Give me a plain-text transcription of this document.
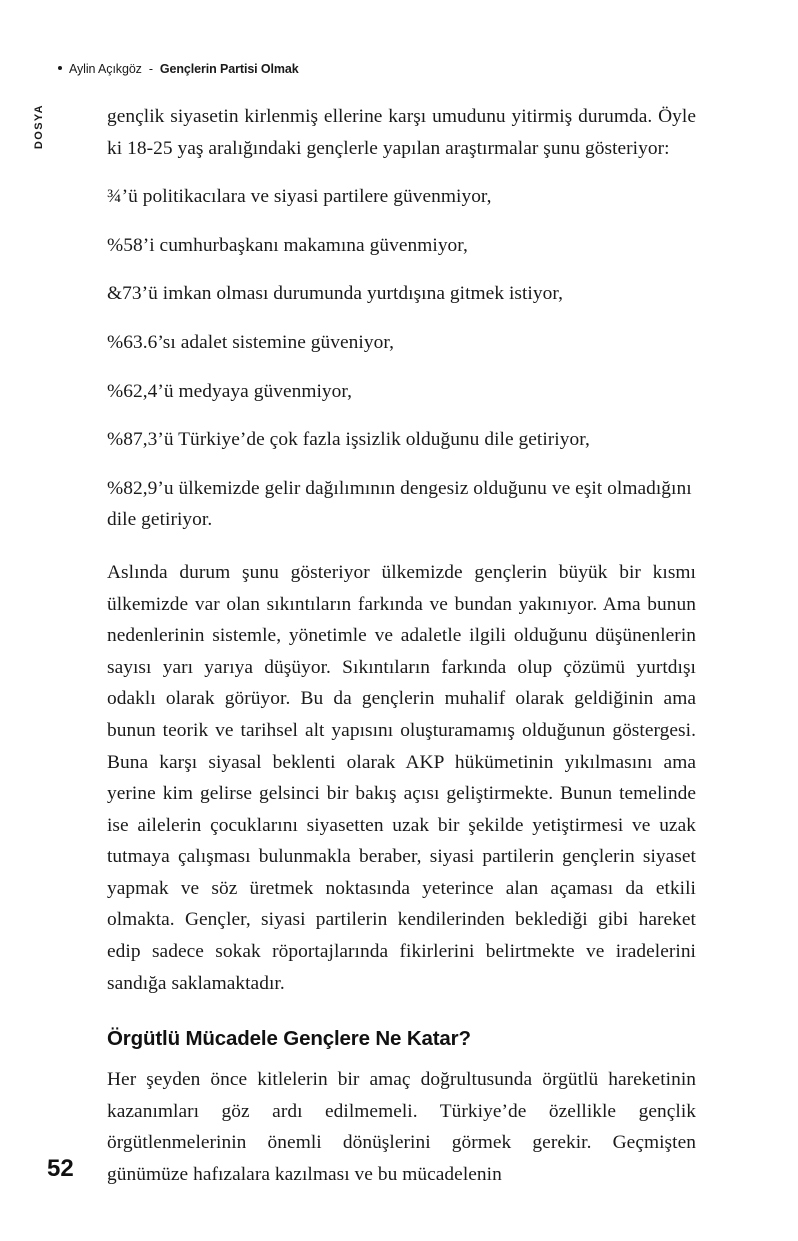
Aylin Açıkgöz - Gençlerin Partisi Olmak
DOSYA	gençlik siyasetin kirlenmiş ellerine karşı umudunu yitirmiş durumda. Öyle ki 18-25 yaş aralığındaki gençlerle yapılan araştırmalar şunu gösteriyor:

¾’ü politikacılara ve siyasi partilere güvenmiyor,

%58’i cumhurbaşkanı makamına güvenmiyor,

&73’ü imkan olması durumunda yurtdışına gitmek istiyor,

%63.6’sı adalet sistemine güveniyor,

%62,4’ü medyaya güvenmiyor,

%87,3’ü Türkiye’de çok fazla işsizlik olduğunu dile getiriyor,

%82,9’u ülkemizde gelir dağılımının dengesiz olduğunu ve eşit olmadığını dile getiriyor.

Aslında durum şunu gösteriyor ülkemizde gençlerin büyük bir kısmı ülkemizde var olan sıkıntıların farkında ve bundan yakınıyor. Ama bunun nedenlerinin sistemle, yönetimle ve adaletle ilgili olduğunu düşünenlerin sayısı yarı yarıya düşüyor. Sıkıntıların farkında olup çözümü yurtdışı odaklı olarak görüyor. Bu da gençlerin muhalif olarak geldiğinin ama bunun teorik ve tarihsel alt yapısını oluşturamamış olduğunun göstergesi. Buna karşı siyasal beklenti olarak AKP hükümetinin yıkılmasını ama yerine kim gelirse gelsinci bir bakış açısı geliştirmekte. Bunun temelinde ise ailelerin çocuklarını siyasetten uzak bir şekilde yetiştirmesi ve uzak tutmaya çalışması bulunmakla beraber, siyasi partilerin gençlerin siyaset yapmak ve söz üretmek noktasında yeterince alan açaması da etkili olmakta. Gençler, siyasi partilerin kendilerinden beklediği gibi hareket edip sadece sokak röportajlarında fikirlerini belirtmekte ve iradelerini sandığa saklamaktadır.

Örgütlü Mücadele Gençlere Ne Katar?

Her şeyden önce kitlelerin bir amaç doğrultusunda örgütlü hareketinin kazanımları göz ardı edilmemeli. Türkiye’de özellikle gençlik örgütlenmelerinin önemli dönüşlerini görmek gerekir. Geçmişten günümüze hafızalara kazılması ve bu mücadelenin

52
